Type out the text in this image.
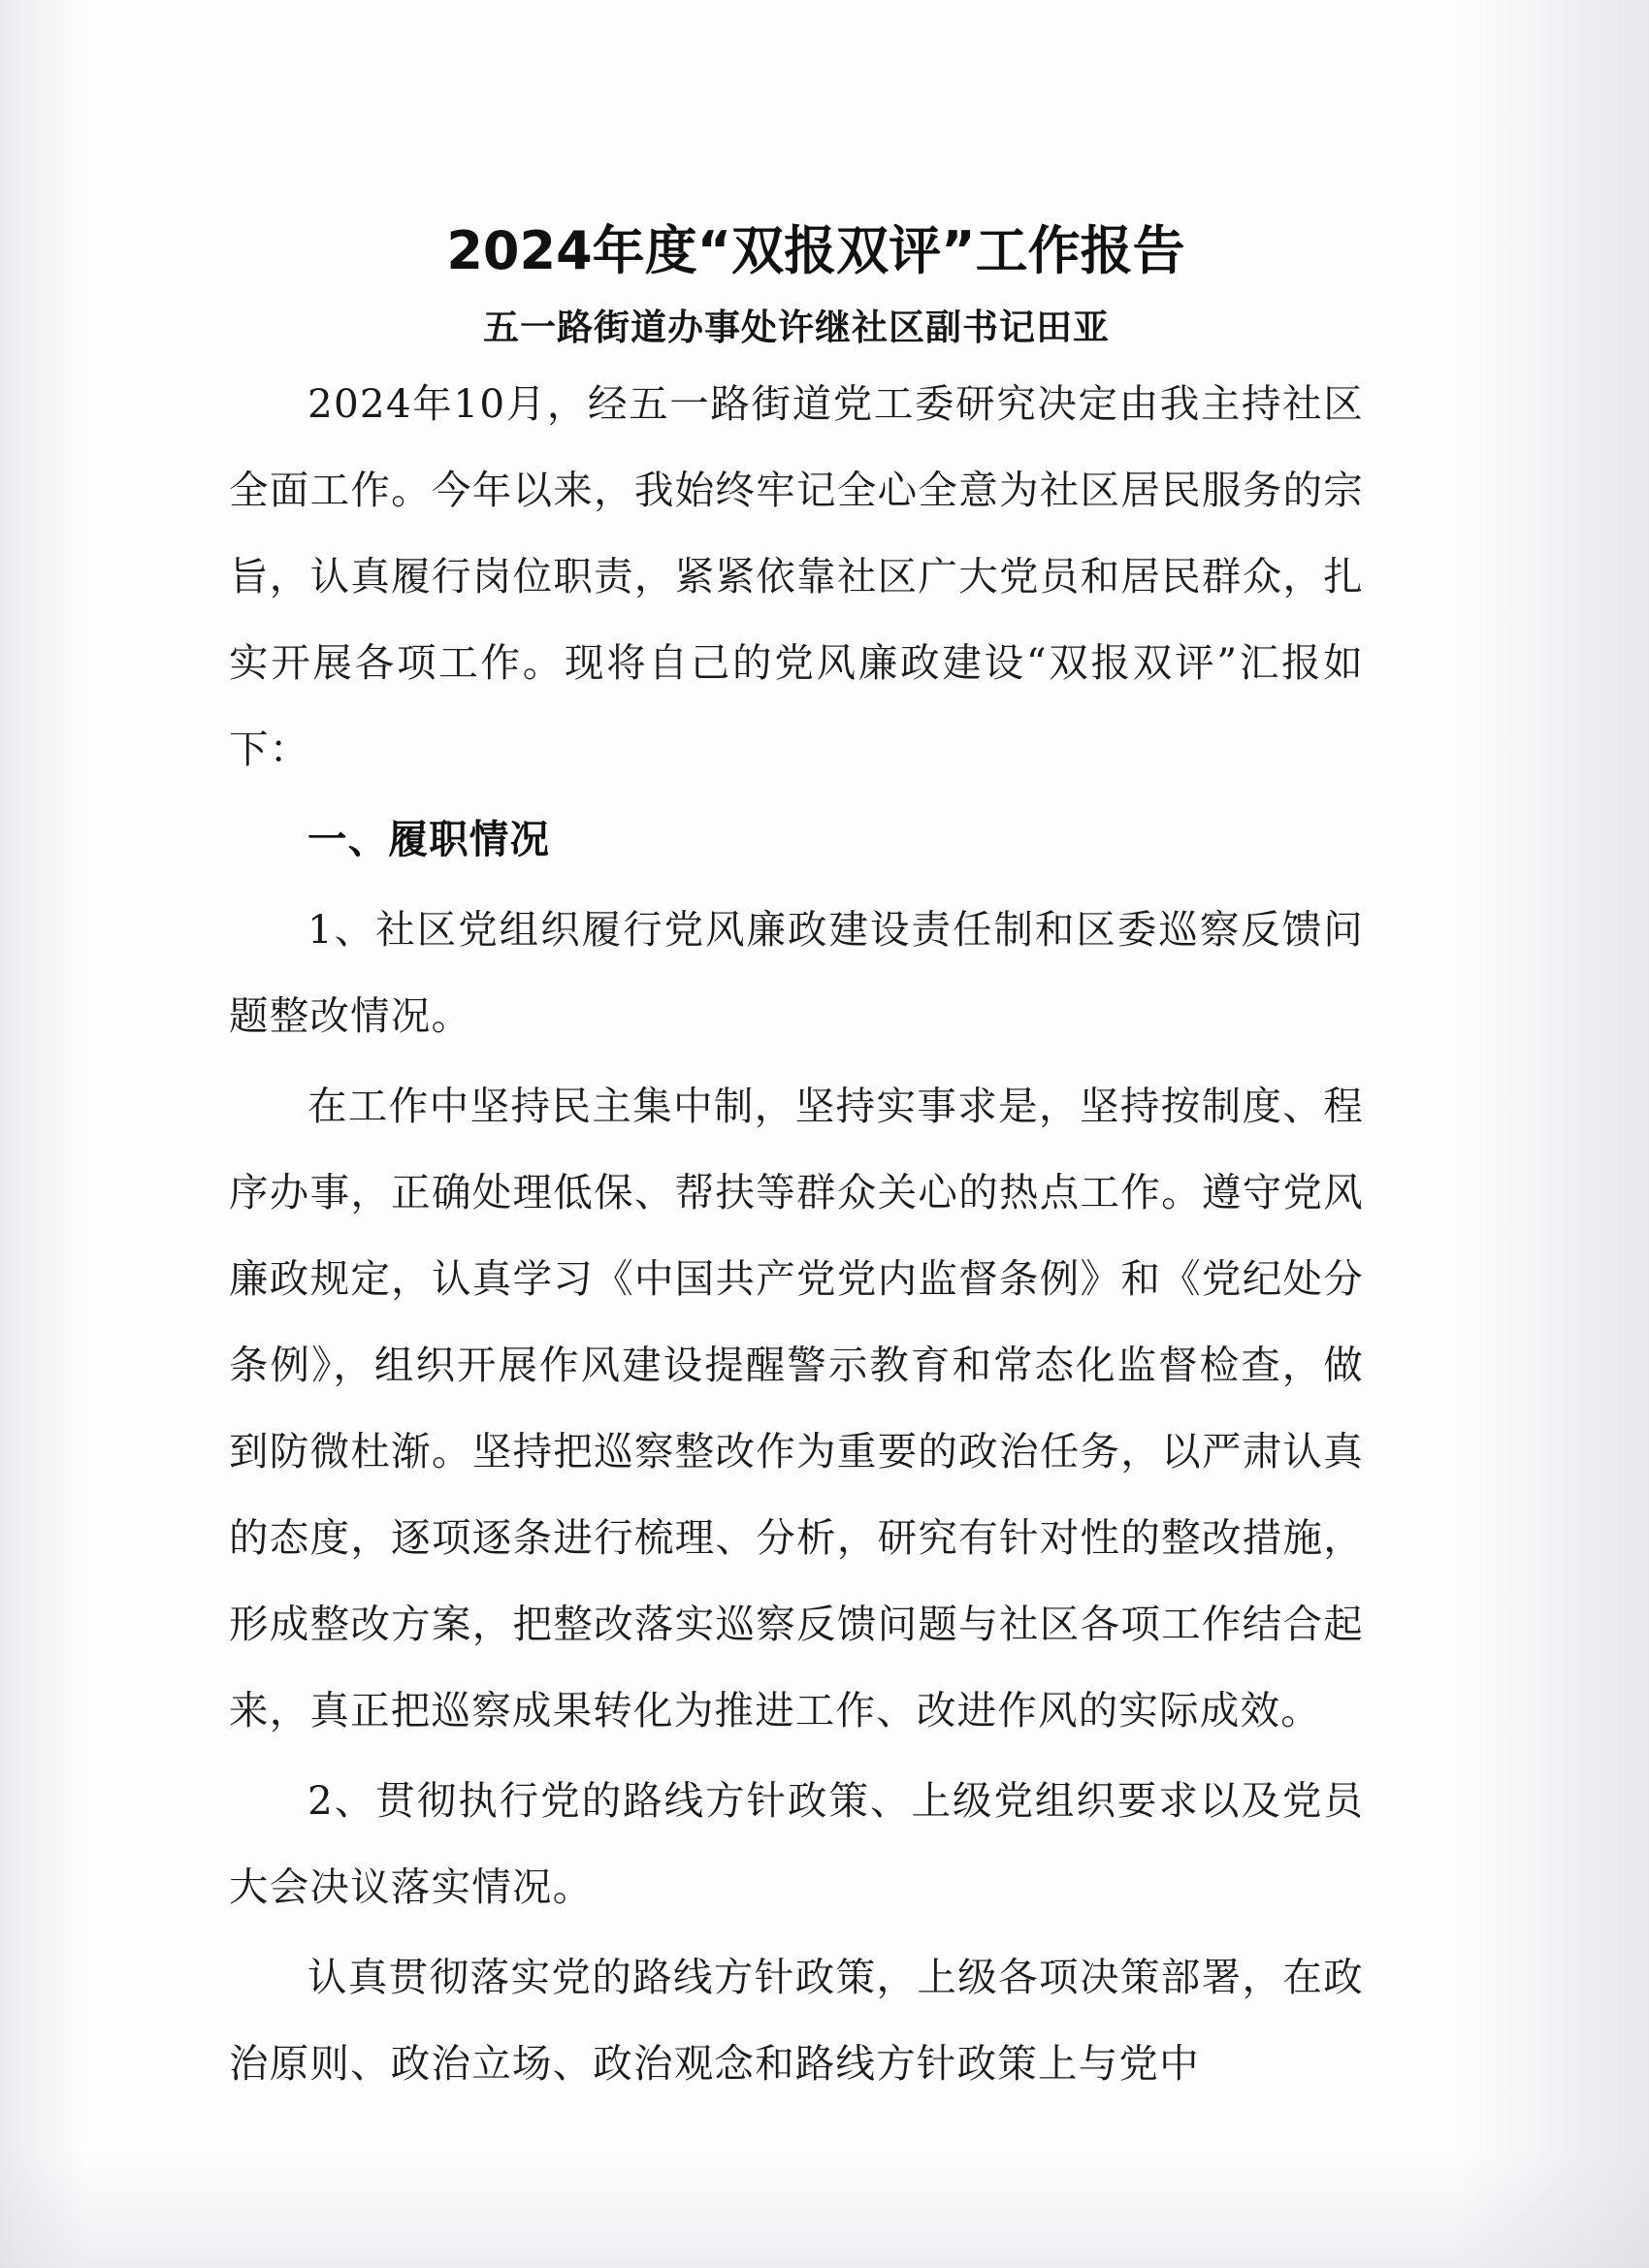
2024年度“双报双评”工作报告

五一路街道办事处许继社区副书记田亚

2024年10月，经五一路街道党工委研究决定由我主持社区全面工作。今年以来，我始终牢记全心全意为社区居民服务的宗旨，认真履行岗位职责，紧紧依靠社区广大党员和居民群众，扎实开展各项工作。现将自己的党风廉政建设“双报双评”汇报如下：

一、履职情况

1、社区党组织履行党风廉政建设责任制和区委巡察反馈问题整改情况。

在工作中坚持民主集中制，坚持实事求是，坚持按制度、程序办事，正确处理低保、帮扶等群众关心的热点工作。遵守党风廉政规定，认真学习《中国共产党党内监督条例》和《党纪处分条例》，组织开展作风建设提醒警示教育和常态化监督检查，做到防微杜渐。坚持把巡察整改作为重要的政治任务，以严肃认真的态度，逐项逐条进行梳理、分析，研究有针对性的整改措施，形成整改方案，把整改落实巡察反馈问题与社区各项工作结合起来，真正把巡察成果转化为推进工作、改进作风的实际成效。

2、贯彻执行党的路线方针政策、上级党组织要求以及党员大会决议落实情况。

认真贯彻落实党的路线方针政策，上级各项决策部署，在政治原则、政治立场、政治观念和路线方针政策上与党中
